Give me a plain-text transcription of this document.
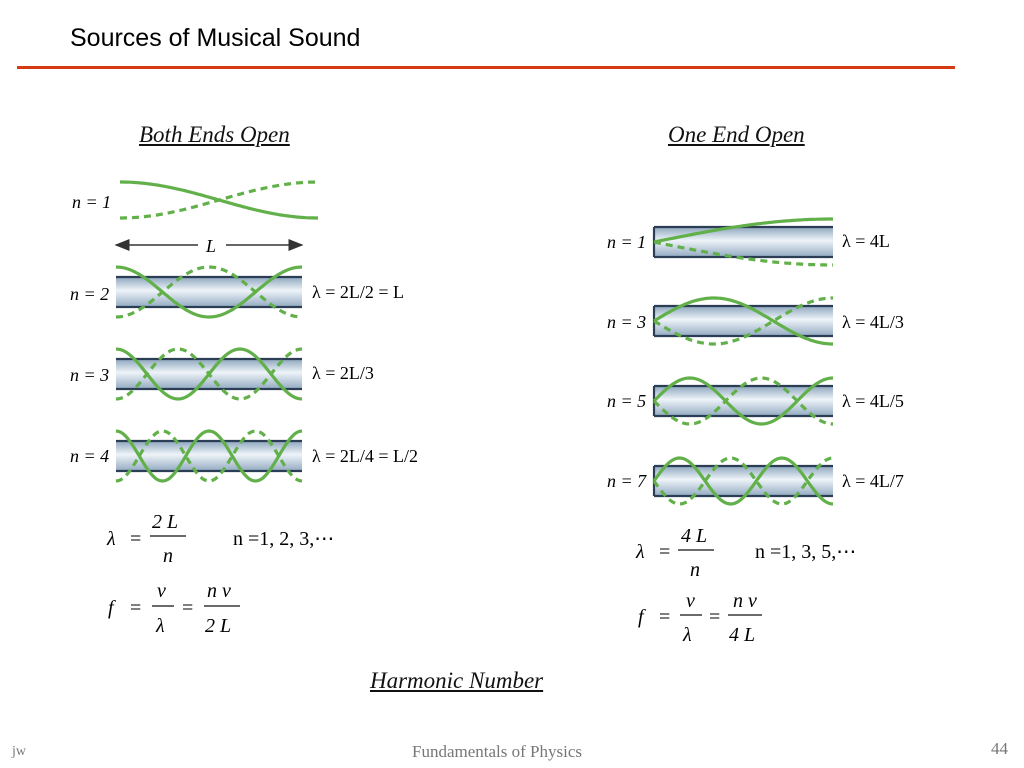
Sources of Musical Sound
Both Ends Open	One End Open
n = 1
L
n = 2	λ = 2L/2 = L
n = 3	λ = 2L/3
n = 4	λ = 2L/4 = L/2
n = 1	λ = 4L
n = 3	λ = 4L/3
n = 5	λ = 4L/5
n = 7	λ = 4L/7
λ =
2 L
n
n =1, 2, 3,⋯
f =
v
λ
=
n v
2 L
λ =
4 L
n
n =1, 3, 5,⋯
f =
v
λ
=
n v
4 L
Harmonic Number
jw	Fundamentals of Physics	44
